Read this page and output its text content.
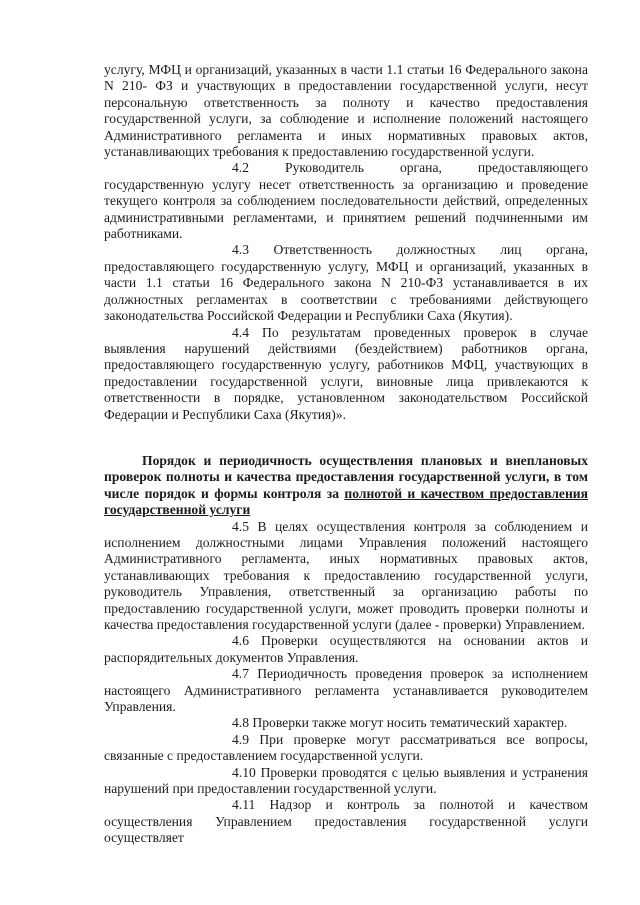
услугу, МФЦ и организаций, указанных в части 1.1 статьи 16 Федерального закона N 210- ФЗ и участвующих в предоставлении государственной услуги, несут персональную ответственность за полноту и качество предоставления государственной услуги, за соблюдение и исполнение положений настоящего Административного регламента и иных нормативных правовых актов, устанавливающих требования к предоставлению государственной услуги.

4.2	Руководитель органа, предоставляющего государственную услугу несет ответственность за организацию и проведение текущего контроля за соблюдением последовательности действий, определенных административными регламентами, и принятием решений подчиненными им работниками.

4.3 Ответственность должностных лиц органа, предоставляющего государственную услугу, МФЦ и организаций, указанных в части 1.1 статьи 16 Федерального закона N 210-ФЗ устанавливается в их должностных регламентах в соответствии с требованиями действующего законодательства Российской Федерации и Республики Саха (Якутия).

4.4 По результатам проведенных проверок в случае выявления нарушений действиями (бездействием) работников органа, предоставляющего государственную услугу, работников МФЦ, участвующих в предоставлении государственной услуги, виновные лица привлекаются к ответственности в порядке, установленном законодательством Российской Федерации и Республики Саха (Якутия)».

Порядок и периодичность осуществления плановых и внеплановых проверок полноты и качества предоставления государственной услуги, в том числе порядок и формы контроля за полнотой и качеством предоставления государственной услуги

4.5 В целях осуществления контроля за соблюдением и исполнением должностными лицами Управления положений настоящего Административного регламента, иных нормативных правовых актов, устанавливающих требования к предоставлению государственной услуги, руководитель Управления, ответственный за организацию работы по предоставлению государственной услуги, может проводить проверки полноты и качества предоставления государственной услуги (далее - проверки) Управлением.

4.6 Проверки осуществляются на основании актов и распорядительных документов Управления.

4.7 Периодичность проведения проверок за исполнением настоящего Административного регламента устанавливается руководителем Управления.

4.8 Проверки также могут носить тематический характер.

4.9 При проверке могут рассматриваться все вопросы, связанные с предоставлением государственной услуги.

4.10 Проверки проводятся с целью выявления и устранения нарушений при предоставлении государственной услуги.

4.11 Надзор и контроль за полнотой и качеством осуществления Управлением предоставления государственной услуги осуществляет
